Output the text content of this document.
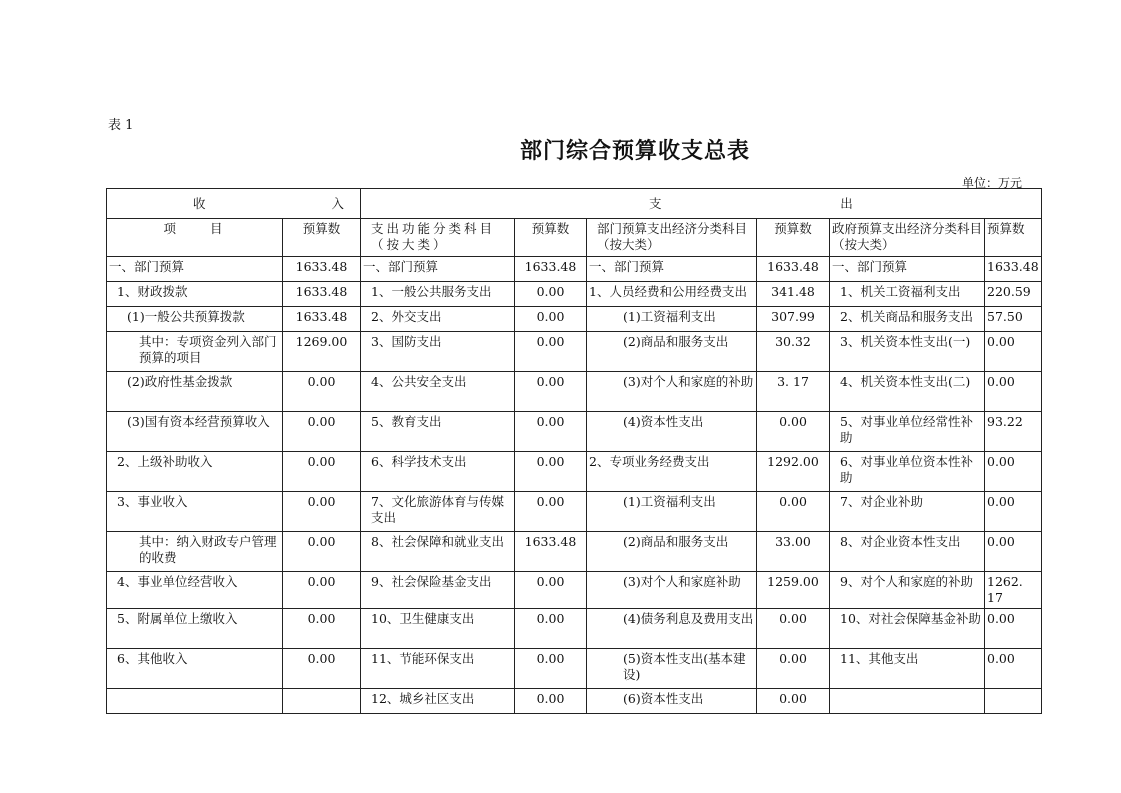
表 1
部门综合预算收支总表
单位：万元
收 入		支 出					

项　　目	预算数	支出功能分类科目（按大类）	预算数	部门预算支出经济分类科目（按大类）	预算数	政府预算支出经济分类科目（按大类）	预算数
一、部门预算	1633.48	一、部门预算	1633.48	一、部门预算	1633.48	一、部门预算	1633.48
1、财政拨款	1633.48	1、一般公共服务支出	0.00	1、人员经费和公用经费支出	341.48	1、机关工资福利支出	220.59
(1)一般公共预算拨款	1633.48	2、外交支出	0.00	(1)工资福利支出	307.99	2、机关商品和服务支出	57.50
其中：专项资金列入部门预算的项目	1269.00	3、国防支出	0.00	(2)商品和服务支出	30.32	3、机关资本性支出(一)	0.00
(2)政府性基金拨款	0.00	4、公共安全支出	0.00	(3)对个人和家庭的补助	3. 17	4、机关资本性支出(二)	0.00
(3)国有资本经营预算收入	0.00	5、教育支出	0.00	(4)资本性支出	0.00	5、对事业单位经常性补助	93.22
2、上级补助收入	0.00	6、科学技术支出	0.00	2、专项业务经费支出	1292.00	6、对事业单位资本性补助	0.00
3、事业收入	0.00	7、文化旅游体育与传媒支出	0.00	(1)工资福利支出	0.00	7、对企业补助	0.00
其中：纳入财政专户管理的收费	0.00	8、社会保障和就业支出	1633.48	(2)商品和服务支出	33.00	8、对企业资本性支出	0.00
4、事业单位经营收入	0.00	9、社会保险基金支出	0.00	(3)对个人和家庭补助	1259.00	9、对个人和家庭的补助	1262. 17
5、附属单位上缴收入	0.00	10、卫生健康支出	0.00	(4)债务利息及费用支出	0.00	10、对社会保障基金补助	0.00
6、其他收入	0.00	11、节能环保支出	0.00	(5)资本性支出(基本建设)	0.00	11、其他支出	0.00
		12、城乡社区支出	0.00	(6)资本性支出	0.00		
